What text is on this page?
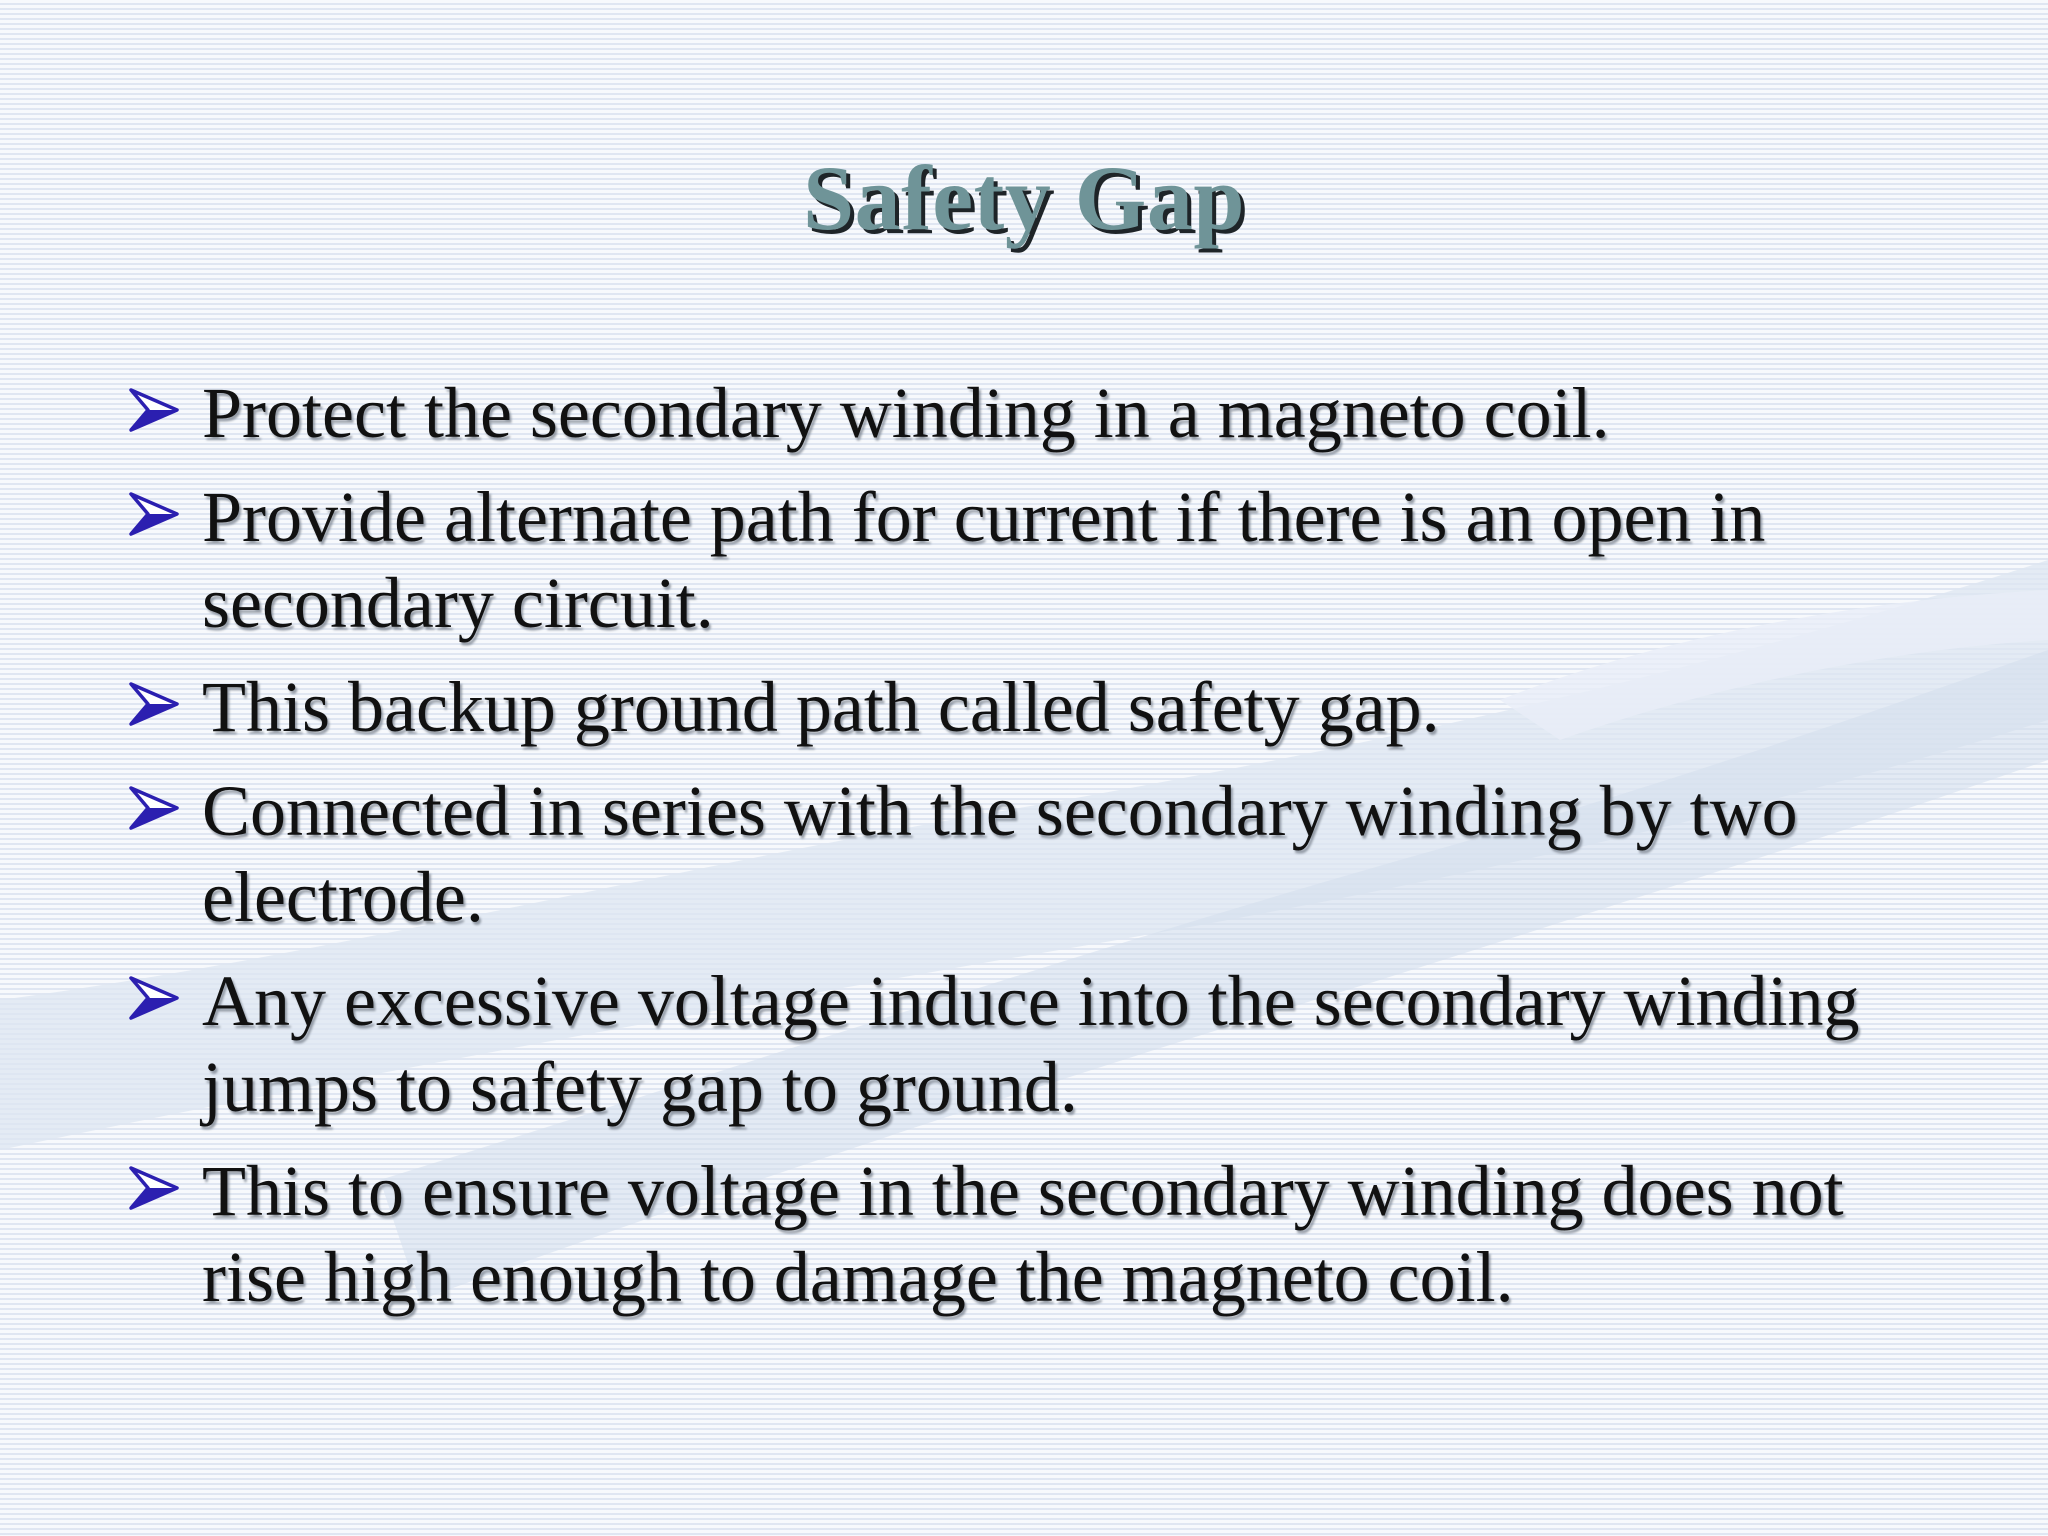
Safety Gap
Protect the secondary winding in a magneto coil.
Provide alternate path for current if there is an open in secondary circuit.
This backup ground path called safety gap.
Connected in series with the secondary winding by two electrode.
Any excessive voltage induce into the secondary winding jumps to safety gap to ground.
This to ensure voltage in the secondary winding does not rise high enough to damage the magneto coil.
